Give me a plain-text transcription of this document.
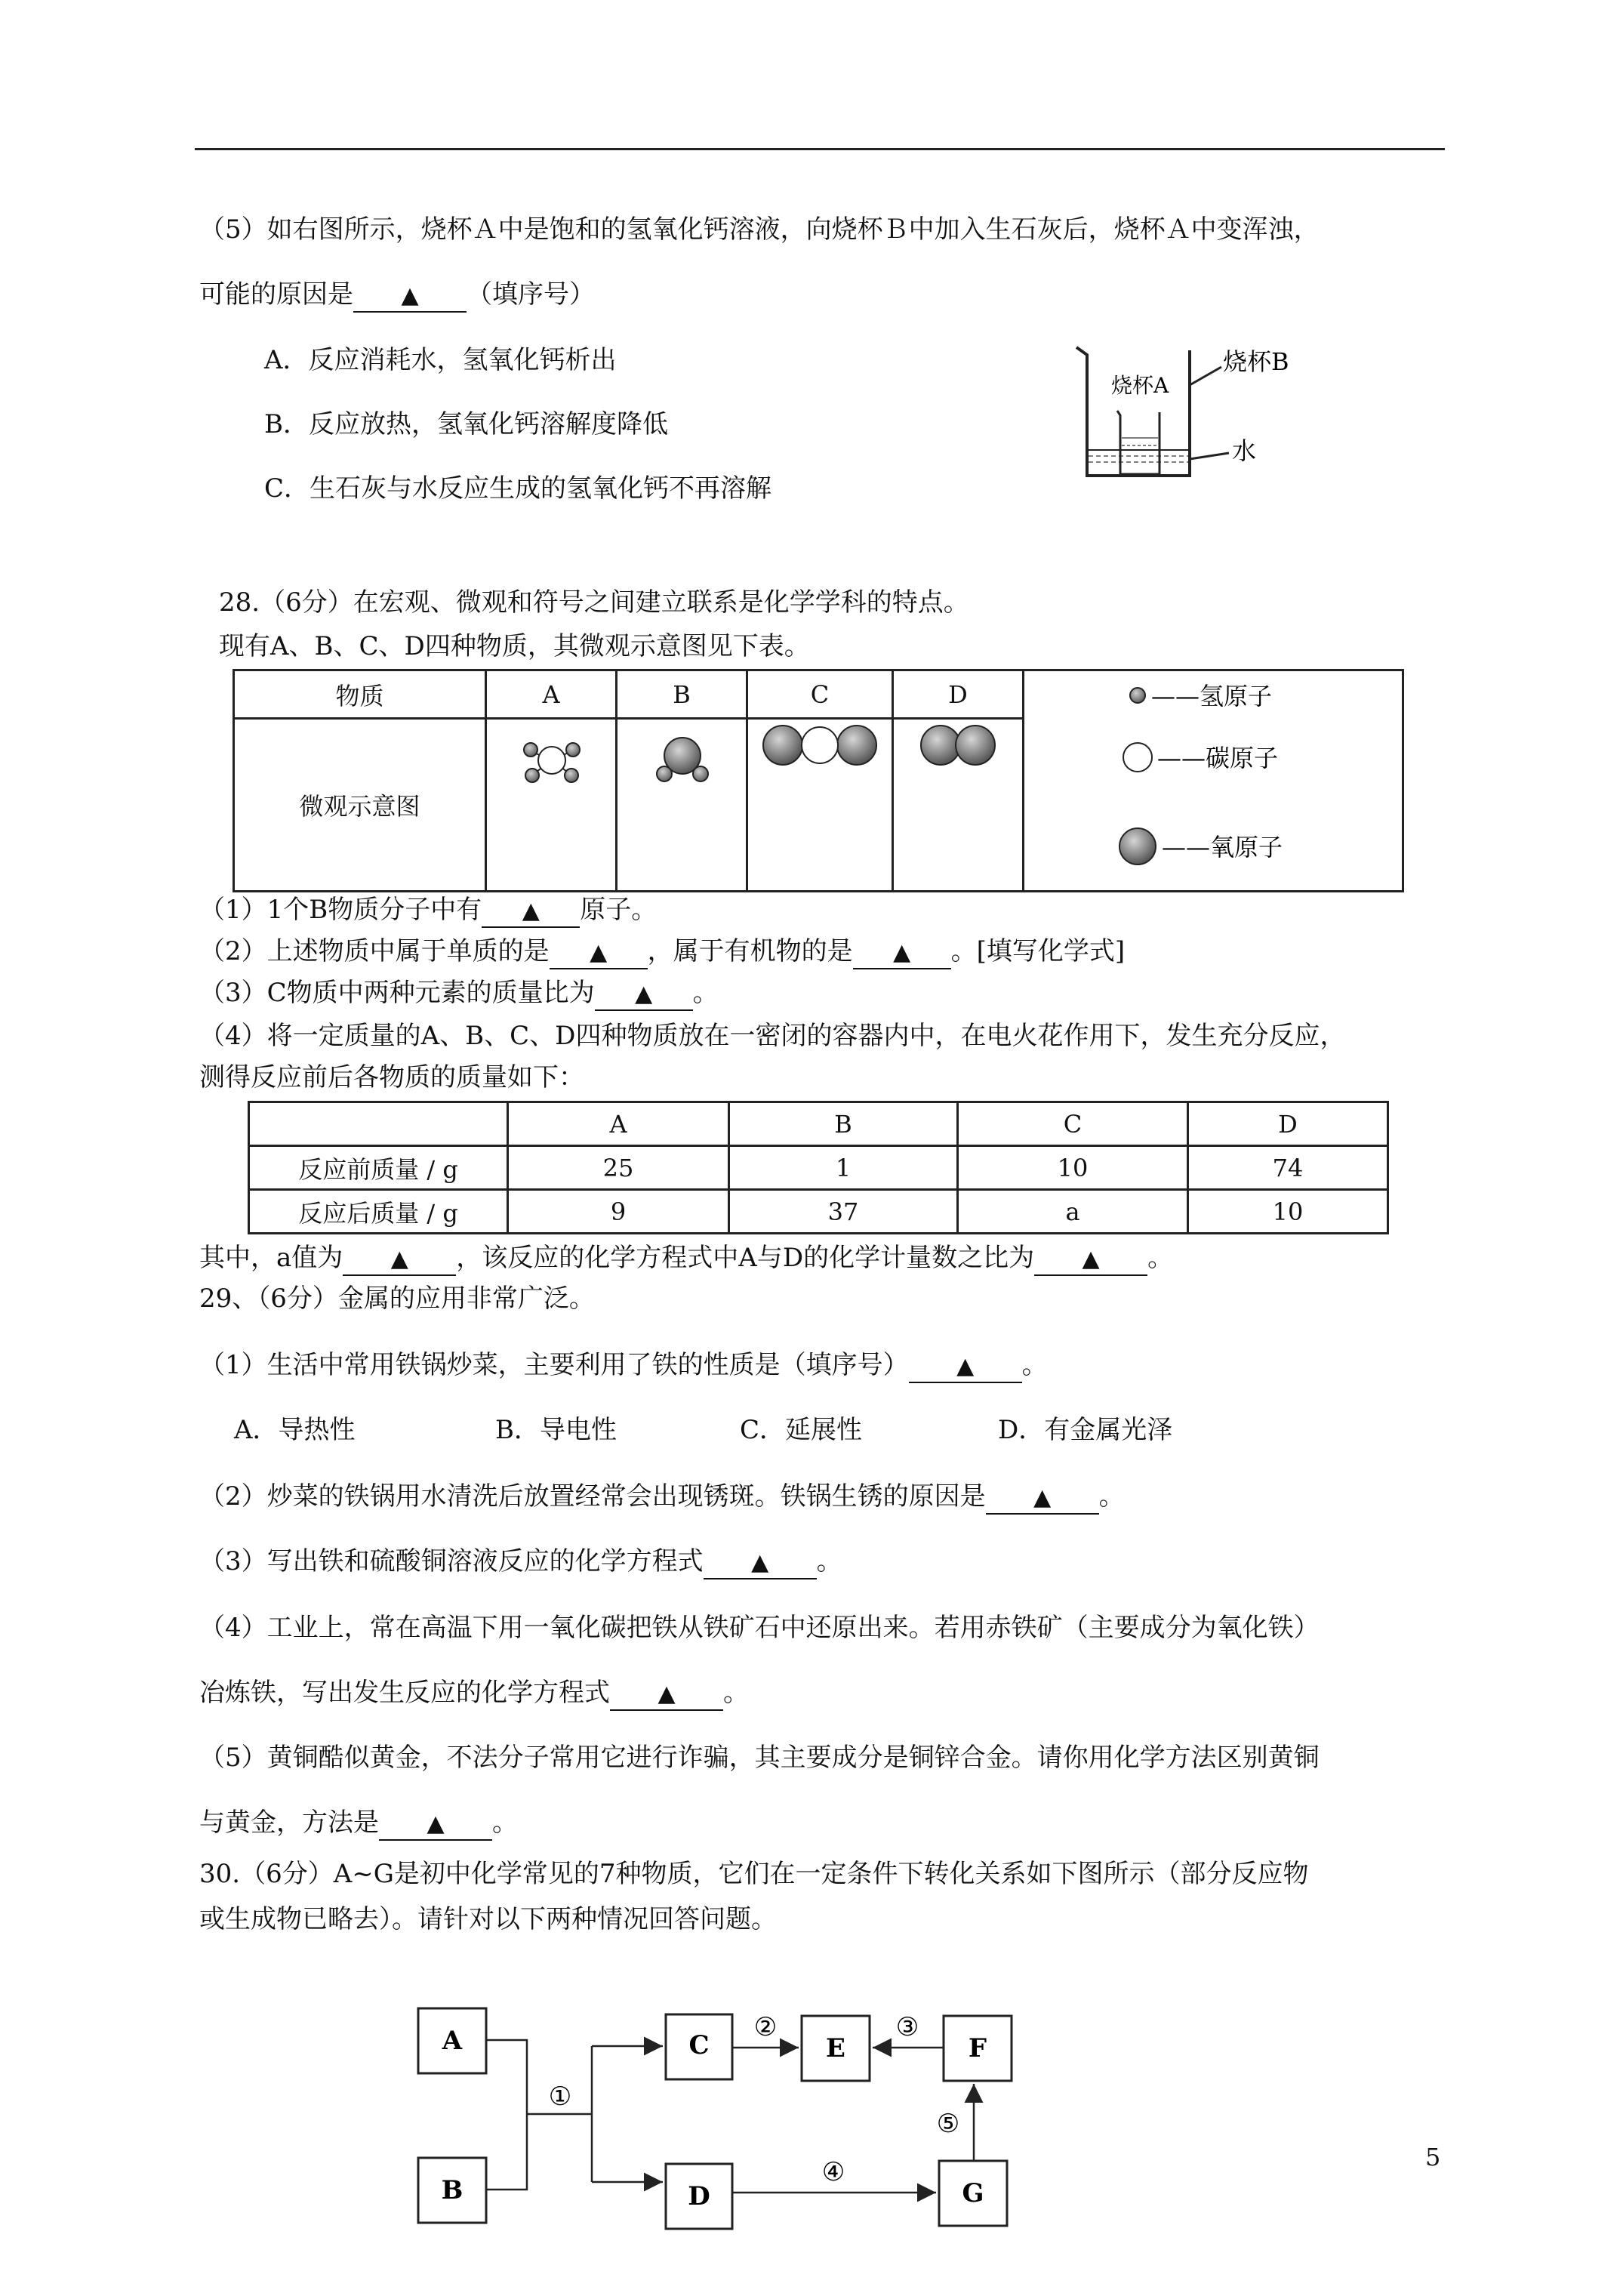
（5）如右图所示，烧杯Ａ中是饱和的氢氧化钙溶液，向烧杯Ｂ中加入生石灰后，烧杯Ａ中变浑浊，
可能的原因是 ▲ （填序号）
A．反应消耗水，氢氧化钙析出
B．反应放热，氢氧化钙溶解度降低
C．生石灰与水反应生成的氢氧化钙不再溶解
烧杯A
烧杯B
水
28.（6分）在宏观、微观和符号之间建立联系是化学学科的特点。
现有A、B、C、D四种物质，其微观示意图见下表。
物质	A	B	C	D	——氢原子
——碳原子
——氧原子

微观示意图				
（1）1个B物质分子中有 ▲ 原子。
（2）上述物质中属于单质的是 ▲ ，属于有机物的是 ▲ 。[填写化学式]
（3）C物质中两种元素的质量比为 ▲ 。
（4）将一定质量的A、B、C、D四种物质放在一密闭的容器内中，在电火花作用下，发生充分反应，
测得反应前后各物质的质量如下：
	A	B	C	D
反应前质量 / g	25	1	10	74
反应后质量 / g	9	37	a	10
其中，a值为 ▲ ，该反应的化学方程式中A与D的化学计量数之比为 ▲ 。
29、（6分）金属的应用非常广泛。
（1）生活中常用铁锅炒菜，主要利用了铁的性质是（填序号） ▲ 。
A．导热性	B．导电性	C．延展性	D．有金属光泽
（2）炒菜的铁锅用水清洗后放置经常会出现锈斑。铁锅生锈的原因是 ▲ 。
（3）写出铁和硫酸铜溶液反应的化学方程式 ▲ 。
（4）工业上，常在高温下用一氧化碳把铁从铁矿石中还原出来。若用赤铁矿（主要成分为氧化铁）
冶炼铁，写出发生反应的化学方程式 ▲ 。
（5）黄铜酷似黄金，不法分子常用它进行诈骗，其主要成分是铜锌合金。请你用化学方法区别黄铜
与黄金，方法是 ▲ 。
30.（6分）A~G是初中化学常见的7种物质，它们在一定条件下转化关系如下图所示（部分反应物
或生成物已略去）。请针对以下两种情况回答问题。
A
B
C
D
E	F
G
①
②	③
④
⑤
5
